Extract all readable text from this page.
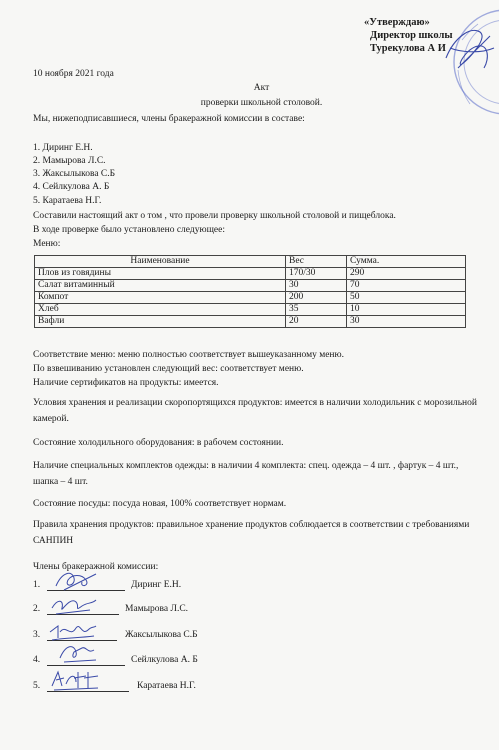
«Утверждаю»
Директор школы
Турекулова А И
10 ноября 2021 года
Акт
проверки школьной столовой.
Мы, нижеподписавшиеся, члены бракеражной комиссии в составе:
1. Диринг Е.Н.
2. Мамырова Л.С.
3. Жаксылыкова С.Б
4. Сейлкулова А. Б
5. Каратаева Н.Г.
Составили настоящий акт о том , что провели проверку школьной столовой и пищеблока.
В ходе проверке было установлено следующее:
Меню:
Наименование	Вес	Сумма.
Плов из говядины	170/30	290
Салат витаминный	30	70
Компот	200	50
Хлеб	35	10
Вафли	20	30
Соответствие меню: меню полностью соответствует вышеуказанному меню.
По взвешиванию установлен следующий вес: соответствует меню.
Наличие сертификатов на продукты: имеется.
Условия хранения и реализации скоропортящихся продуктов: имеется в наличии холодильник с морозильной камерой.
Состояние холодильного оборудования: в рабочем состоянии.
Наличие специальных комплектов одежды: в наличии 4 комплекта: спец. одежда – 4 шт. , фартук – 4 шт., шапка – 4 шт.
Состояние посуды: посуда новая, 100% соответствует нормам.
Правила хранения продуктов: правильное хранение продуктов соблюдается в соответствии с требованиями САНПИН
Члены бракеражной комиссии:
1.	Диринг Е.Н.
2.	Мамырова Л.С.
3.	Жаксылыкова С.Б
4.	Сейлкулова А. Б
5.	Каратаева Н.Г.
